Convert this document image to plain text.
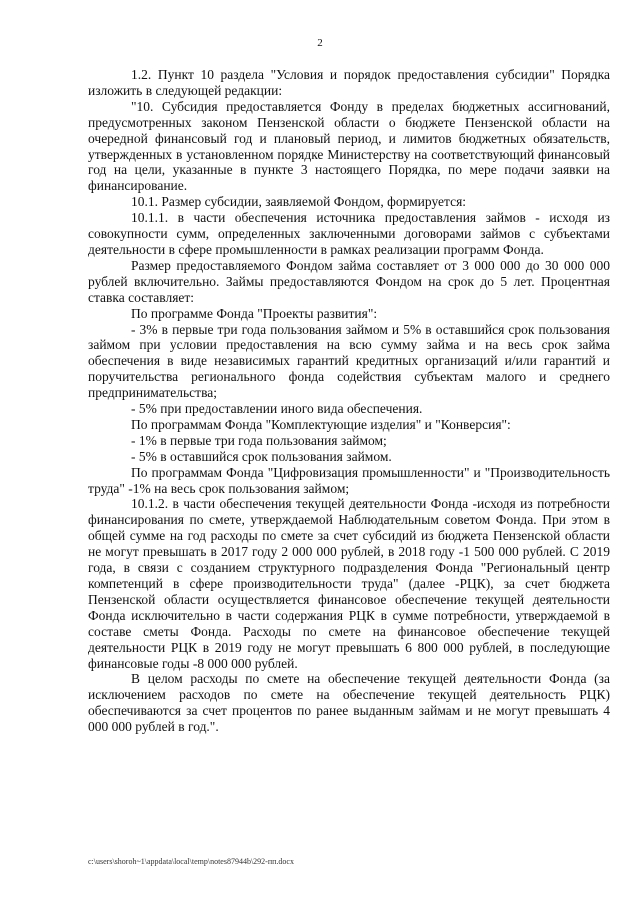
2

1.2. Пункт 10 раздела "Условия и порядок предоставления субсидии" Порядка изложить в следующей редакции:

"10. Субсидия предоставляется Фонду в пределах бюджетных ассигнований, предусмотренных законом Пензенской области о бюджете Пензенской области на очередной финансовый год и плановый период, и лимитов бюджетных обязательств, утвержденных в установленном порядке Министерству на соответствующий финансовый год на цели, указанные в пункте 3 настоящего Порядка, по мере подачи заявки на финансирование.

10.1. Размер субсидии, заявляемой Фондом, формируется:

10.1.1. в части обеспечения источника предоставления займов - исходя из совокупности сумм, определенных заключенными договорами займов с субъектами деятельности в сфере промышленности в рамках реализации программ Фонда.

Размер предоставляемого Фондом займа составляет от 3 000 000 до 30 000 000 рублей включительно. Займы предоставляются Фондом на срок до 5 лет. Процентная ставка составляет:

По программе Фонда "Проекты развития":

- 3% в первые три года пользования займом и 5% в оставшийся срок пользования займом при условии предоставления на всю сумму займа и на весь срок займа обеспечения в виде независимых гарантий кредитных организаций и/или гарантий и поручительства регионального фонда содействия субъектам малого и среднего предпринимательства;

- 5% при предоставлении иного вида обеспечения.

По программам Фонда "Комплектующие изделия" и "Конверсия":

- 1% в первые три года пользования займом;

- 5% в оставшийся срок пользования займом.

По программам Фонда "Цифровизация промышленности" и "Производительность труда" -1% на весь срок пользования займом;

10.1.2. в части обеспечения текущей деятельности Фонда -исходя из потребности финансирования по смете, утверждаемой Наблюдательным советом Фонда. При этом в общей сумме на год расходы по смете за счет субсидий из бюджета Пензенской области не могут превышать в 2017 году 2 000 000 рублей, в 2018 году -1 500 000 рублей. С 2019 года, в связи с созданием структурного подразделения Фонда "Региональный центр компетенций в сфере производительности труда" (далее -РЦК), за счет бюджета Пензенской области осуществляется финансовое обеспечение текущей деятельности Фонда исключительно в части содержания РЦК в сумме потребности, утверждаемой в составе сметы Фонда. Расходы по смете на финансовое обеспечение текущей деятельности РЦК в 2019 году не могут превышать 6 800 000 рублей, в последующие финансовые годы -8 000 000 рублей.

В целом расходы по смете на обеспечение текущей деятельности Фонда (за исключением расходов по смете на обеспечение текущей деятельность РЦК) обеспечиваются за счет процентов по ранее выданным займам и не могут превышать 4 000 000 рублей в год.".

c:\users\shoroh~1\appdata\local\temp\notes87944b\292-пп.docx
